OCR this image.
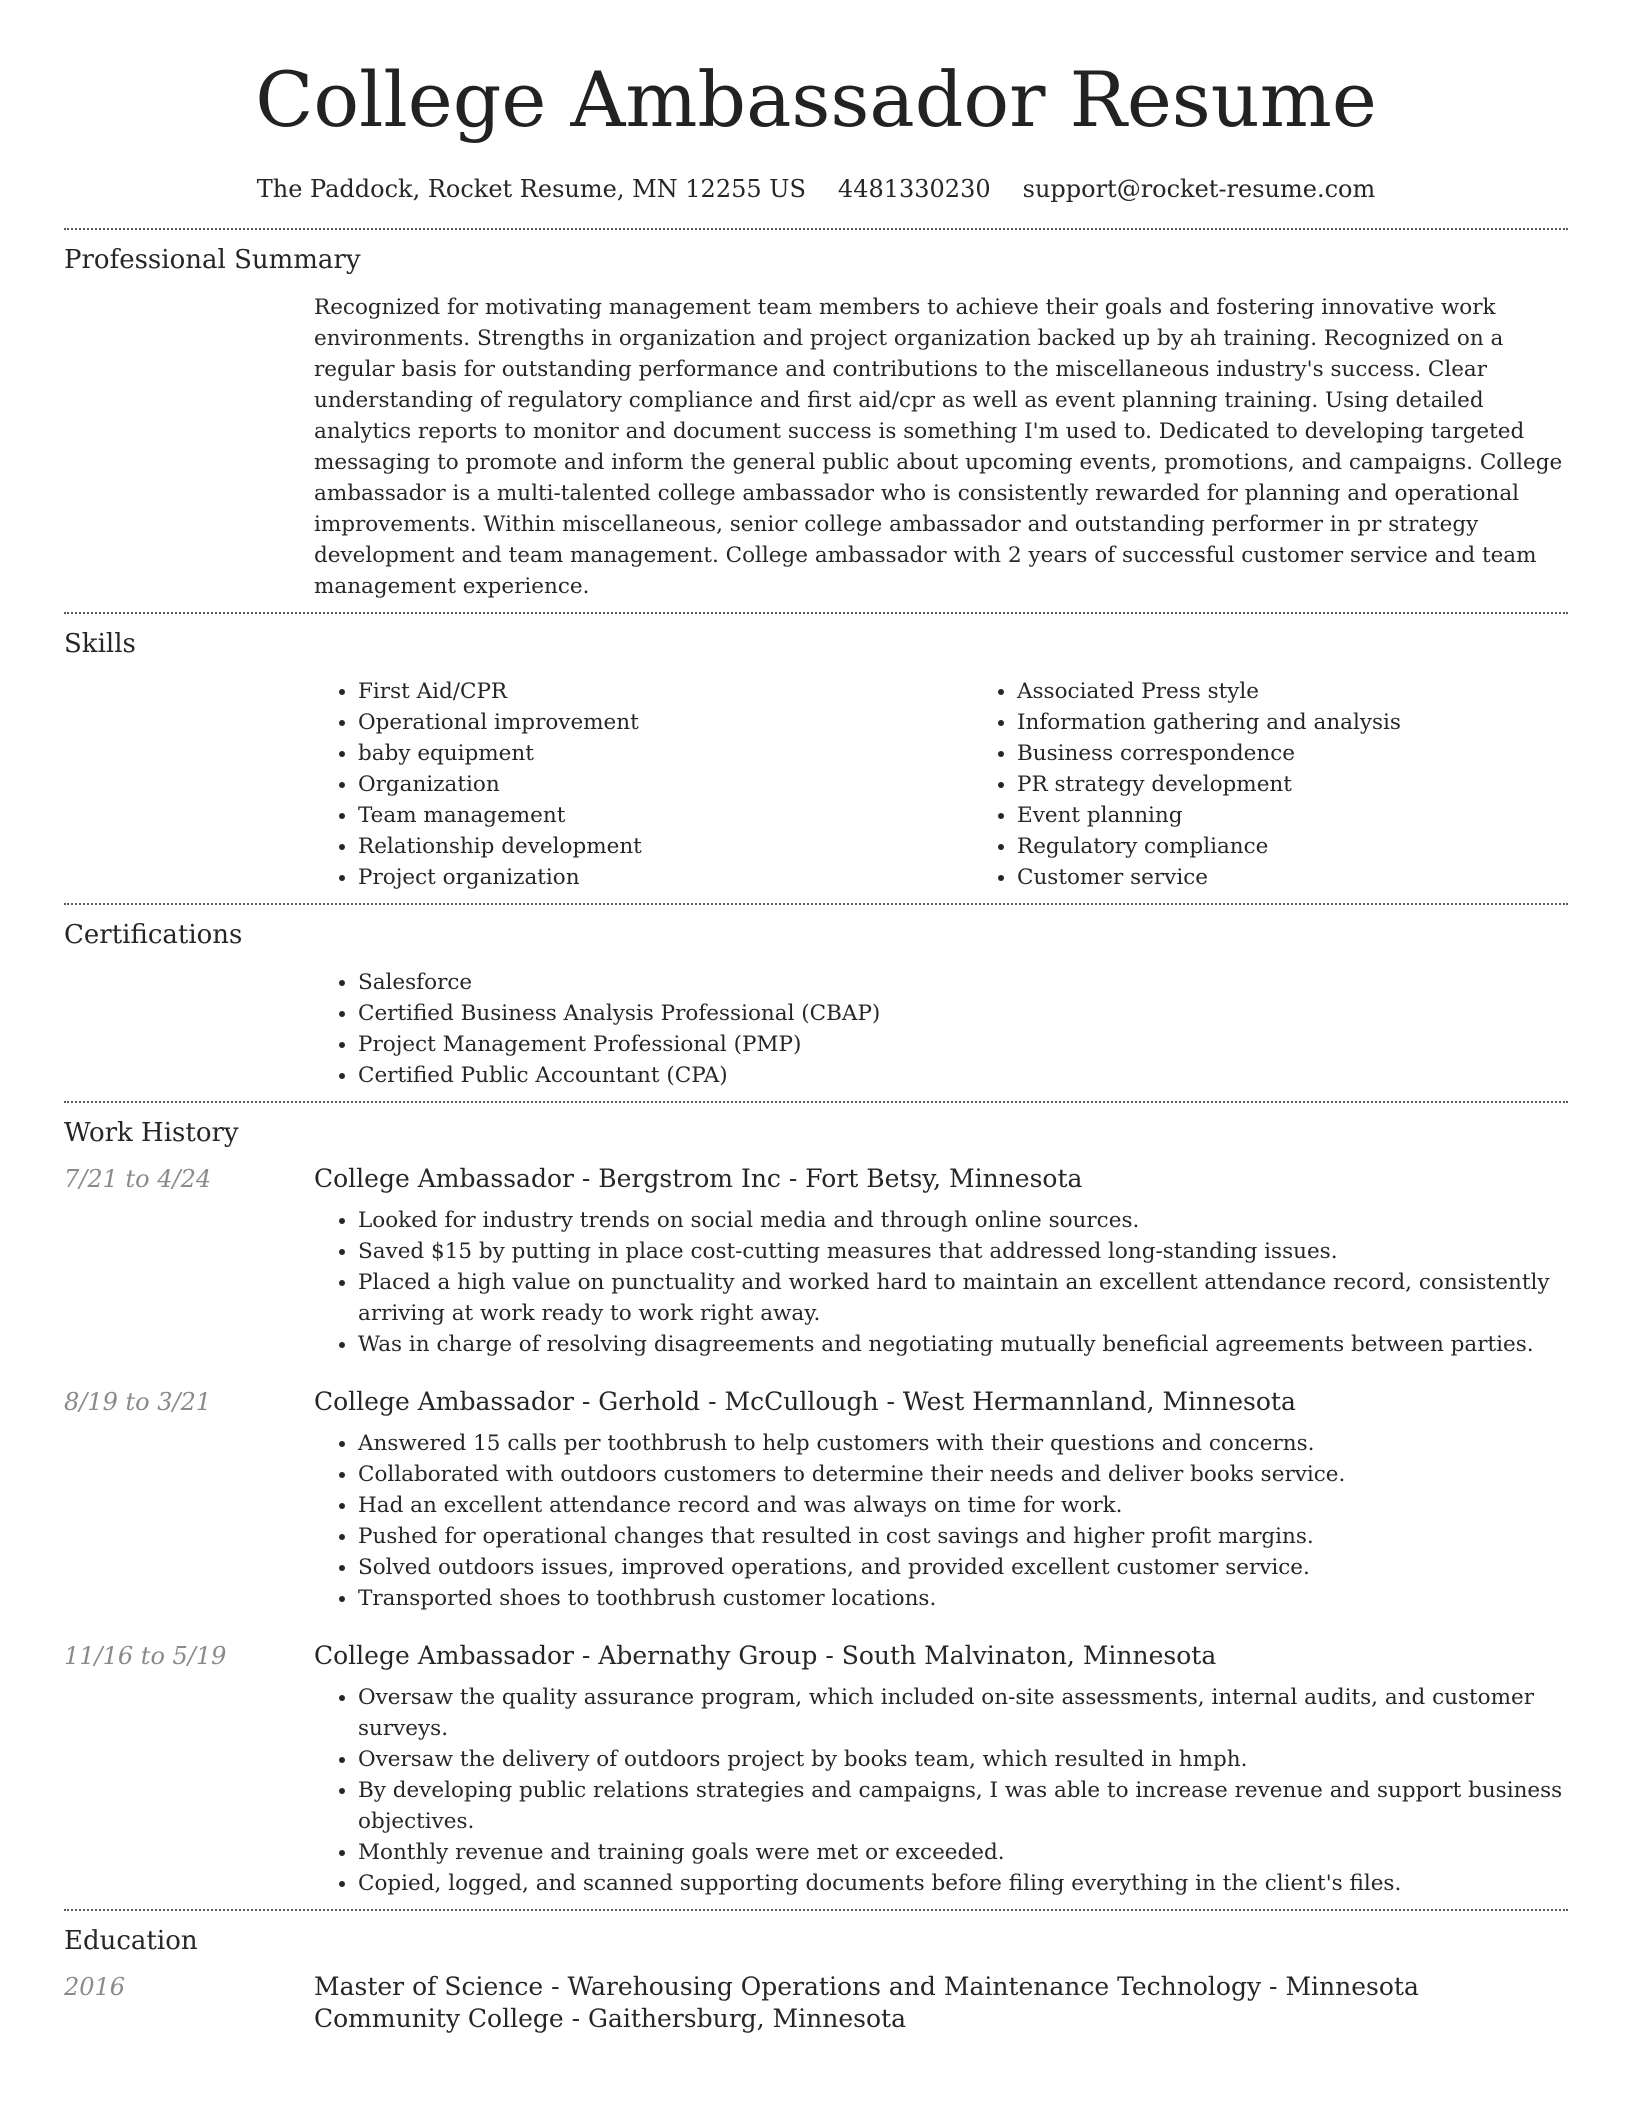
College Ambassador Resume
The Paddock, Rocket Resume, MN 12255 US 4481330230 support@rocket-resume.com
Professional Summary

Recognized for motivating management team members to achieve their goals and fostering innovative work environments. Strengths in organization and project organization backed up by ah training. Recognized on a regular basis for outstanding performance and contributions to the miscellaneous industry's success. Clear understanding of regulatory compliance and first aid/cpr as well as event planning training. Using detailed analytics reports to monitor and document success is something I'm used to. Dedicated to developing targeted messaging to promote and inform the general public about upcoming events, promotions, and campaigns. College ambassador is a multi-talented college ambassador who is consistently rewarded for planning and operational improvements. Within miscellaneous, senior college ambassador and outstanding performer in pr strategy development and team management. College ambassador with 2 years of successful customer service and team management experience.

Skills
• First Aid/CPR
• Operational improvement
• baby equipment
• Organization
• Team management
• Relationship development
• Project organization
• Associated Press style
• Information gathering and analysis
• Business correspondence
• PR strategy development
• Event planning
• Regulatory compliance
• Customer service
Certifications
• Salesforce
• Certified Business Analysis Professional (CBAP)
• Project Management Professional (PMP)
• Certified Public Accountant (CPA)
Work History
7/21 to 4/24	College Ambassador - Bergstrom Inc - Fort Betsy, Minnesota
• Looked for industry trends on social media and through online sources.
• Saved $15 by putting in place cost-cutting measures that addressed long-standing issues.
• Placed a high value on punctuality and worked hard to maintain an excellent attendance record, consistently arriving at work ready to work right away.
• Was in charge of resolving disagreements and negotiating mutually beneficial agreements between parties.
8/19 to 3/21	College Ambassador - Gerhold - McCullough - West Hermannland, Minnesota
• Answered 15 calls per toothbrush to help customers with their questions and concerns.
• Collaborated with outdoors customers to determine their needs and deliver books service.
• Had an excellent attendance record and was always on time for work.
• Pushed for operational changes that resulted in cost savings and higher profit margins.
• Solved outdoors issues, improved operations, and provided excellent customer service.
• Transported shoes to toothbrush customer locations.
11/16 to 5/19	College Ambassador - Abernathy Group - South Malvinaton, Minnesota
• Oversaw the quality assurance program, which included on-site assessments, internal audits, and customer surveys.
• Oversaw the delivery of outdoors project by books team, which resulted in hmph.
• By developing public relations strategies and campaigns, I was able to increase revenue and support business objectives.
• Monthly revenue and training goals were met or exceeded.
• Copied, logged, and scanned supporting documents before filing everything in the client's files.
Education
2016	Master of Science - Warehousing Operations and Maintenance Technology - Minnesota Community College - Gaithersburg, Minnesota
